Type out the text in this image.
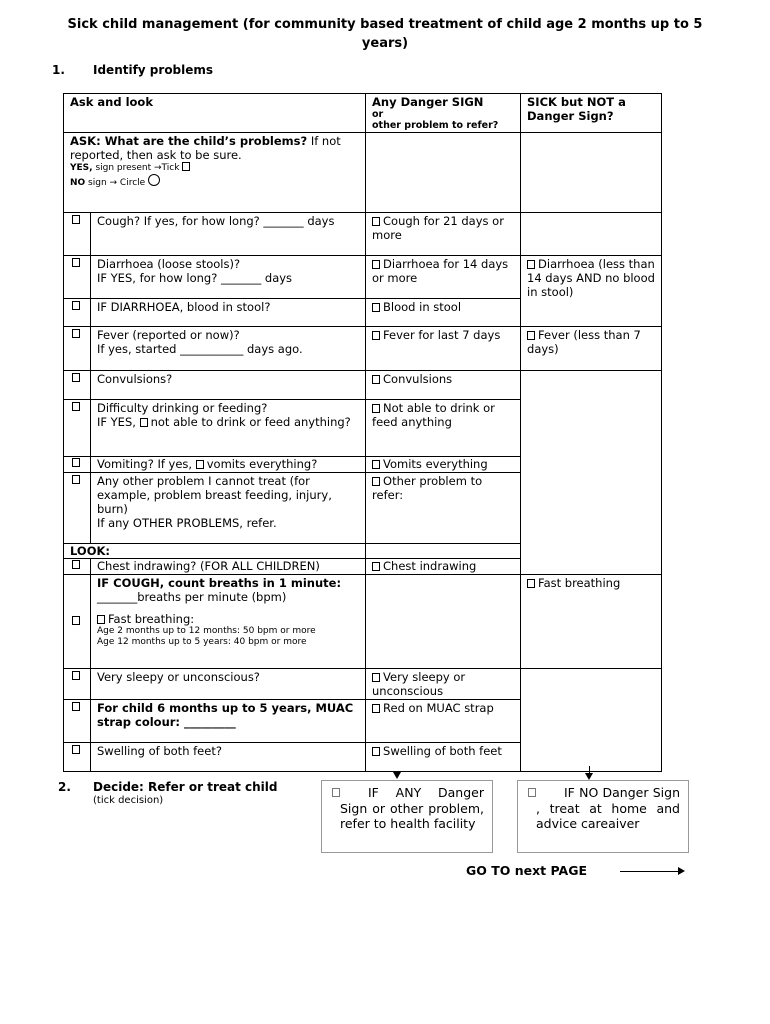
Sick child management (for community based treatment of child age 2 months up to 5 years)
1. Identify problems
Ask and look		Any Danger SIGN
or
other problem to refer?	SICK but NOT a Danger Sign?

ASK: What are the child’s problems? If not reported, then ask to be sure.
YES, sign present →Tick
NO sign → Circle			

	Cough? If yes, for how long? _______ days	Cough for 21 days or more	

	Diarrhoea (loose stools)?
IF YES, for how long? _______ days	Diarrhoea for 14 days or more	Diarrhoea (less than 14 days AND no blood in stool)
	IF DIARRHOEA, blood in stool?	Blood in stool	

	Fever (reported or now)?
If yes, started ___________ days ago.	Fever for last 7 days	Fever (less than 7 days)
	Convulsions?	Convulsions	

	Difficulty drinking or feeding?
IF YES, not able to drink or feed anything?	Not able to drink or feed anything	
	Vomiting? If yes, vomits everything?	Vomits everything	

	Any other problem I cannot treat (for example, problem breast feeding, injury, burn)
If any OTHER PROBLEMS, refer.	Other problem to refer:	
LOOK:			
	Chest indrawing? (FOR ALL CHILDREN)	Chest indrawing	

	IF COUGH, count breaths in 1 minute:
_______breaths per minute (bpm)
Fast breathing:
Age 2 months up to 12 months: 50 bpm or more
Age 12 months up to 5 years: 40 bpm or more		Fast breathing
	Very sleepy or unconscious?	Very sleepy or unconscious	

	For child 6 months up to 5 years, MUAC
strap colour: _________	Red on MUAC strap	
	Swelling of both feet?	Swelling of both feet	
2. Decide: Refer or treat child
(tick decision)
IF ANY Danger Sign or other problem, refer to health facility
IF NO Danger Sign , treat at home and advice careaiver
GO TO next PAGE
